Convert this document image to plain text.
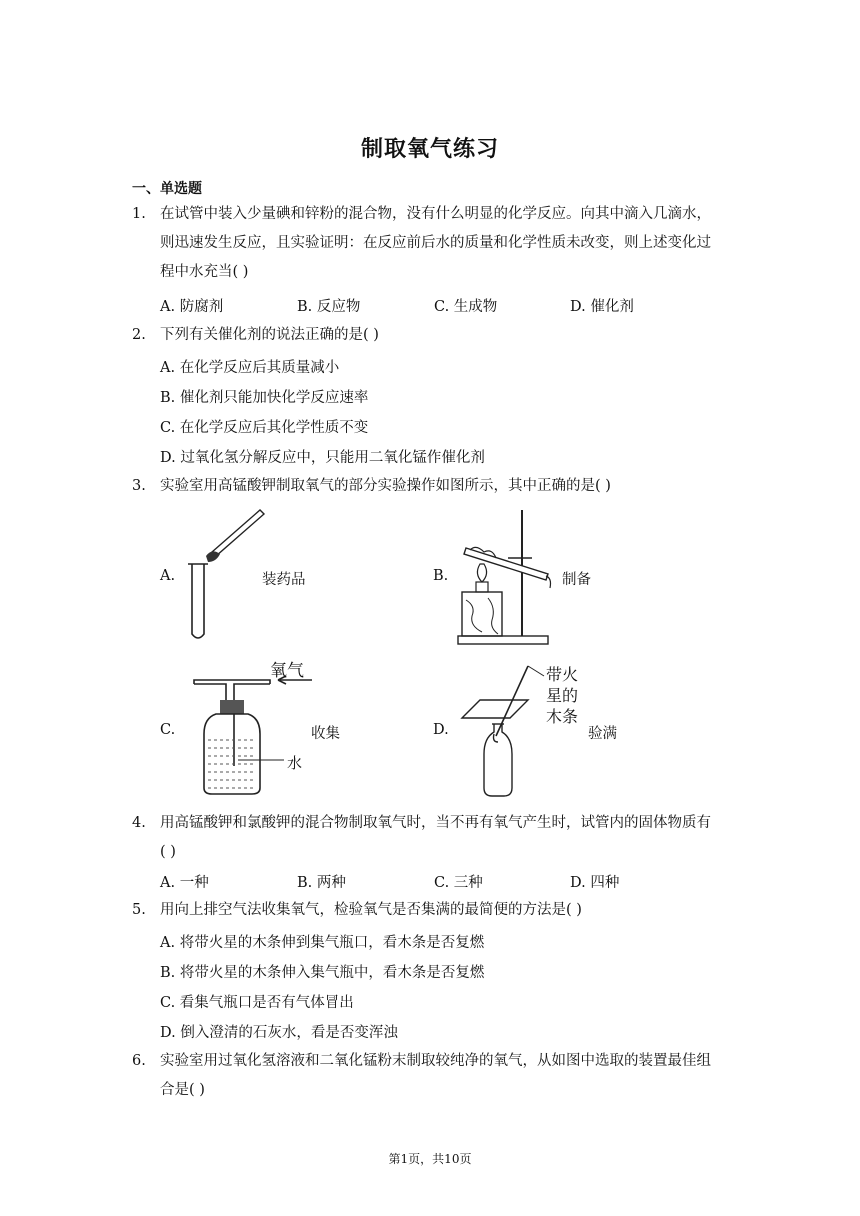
制取氧气练习
一、单选题
1. 在试管中装入少量碘和锌粉的混合物，没有什么明显的化学反应。向其中滴入几滴水，
则迅速发生反应，且实验证明：在反应前后水的质量和化学性质未改变，则上述变化过
程中水充当( )
A. 防腐剂	B. 反应物	C. 生成物	D. 催化剂
2. 下列有关催化剂的说法正确的是( )
A. 在化学反应后其质量减小
B. 催化剂只能加快化学反应速率
C. 在化学反应后其化学性质不变
D. 过氧化氢分解反应中，只能用二氧化锰作催化剂
3. 实验室用高锰酸钾制取氧气的部分实验操作如图所示，其中正确的是( )
A.	装药品	B.	制备
C.
氧气
水
收集	D.
带火
星的
木条
验满
4. 用高锰酸钾和氯酸钾的混合物制取氧气时，当不再有氧气产生时，试管内的固体物质有
( )
A. 一种	B. 两种	C. 三种	D. 四种
5. 用向上排空气法收集氧气，检验氧气是否集满的最简便的方法是( )
A. 将带火星的木条伸到集气瓶口，看木条是否复燃
B. 将带火星的木条伸入集气瓶中，看木条是否复燃
C. 看集气瓶口是否有气体冒出
D. 倒入澄清的石灰水，看是否变浑浊
6. 实验室用过氧化氢溶液和二氧化锰粉末制取较纯净的氧气，从如图中选取的装置最佳组
合是( )
第1页，共10页
